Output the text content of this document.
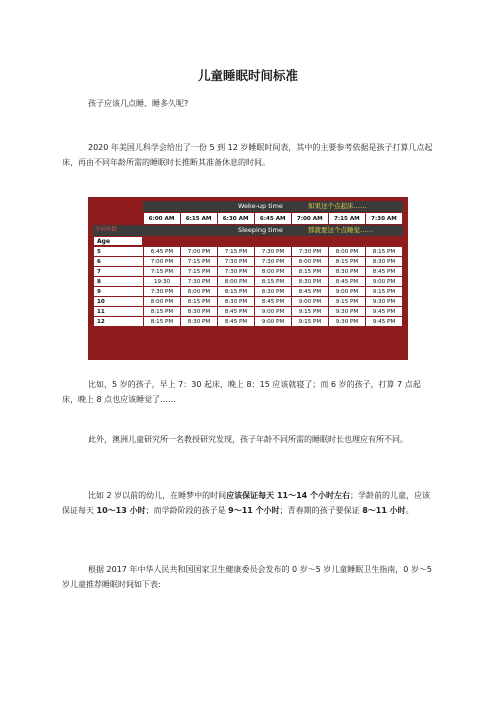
儿童睡眠时间标准
孩子应该几点睡、睡多久呢?
2020 年美国儿科学会给出了一份 5 到 12 岁睡眠时间表，其中的主要参考依据是孩子打算几点起床，再由不同年龄所需的睡眠时长推断其准备休息的时间。
Weke-up time	如果这个点起床……
	6:00 AM	6:15 AM	6:30 AM	6:45 AM	7:00 AM	7:15 AM	7:30 AM
不同年龄	Sleeping time	那就要这个点睡觉……
Age
5	6:45 PM	7:00 PM	7:15 PM	7:30 PM	7:30 PM	8:00 PM	8:15 PM
6	7:00 PM	7:15 PM	7:30 PM	7:30 PM	8:00 PM	8:15 PM	8:30 PM
7	7:15 PM	7:15 PM	7:30 PM	8:00 PM	8:15 PM	8:30 PM	8:45 PM
8	19:30	7:30 PM	8:00 PM	8:15 PM	8:30 PM	8:45 PM	9:00 PM
9	7:30 PM	8:00 PM	8:15 PM	8:30 PM	8:45 PM	9:00 PM	9:15 PM
10	8:00 PM	8:15 PM	8:30 PM	8:45 PM	9:00 PM	9:15 PM	9:30 PM
11	8:15 PM	8:30 PM	8:45 PM	9:00 PM	9:15 PM	9:30 PM	9:45 PM
12	8:15 PM	8:30 PM	8:45 PM	9:00 PM	9:15 PM	9:30 PM	9:45 PM
比如，5 岁的孩子，早上 7：30 起床，晚上 8：15 应该就寝了；而 6 岁的孩子，打算 7 点起床，晚上 8 点也应该睡觉了……
此外，澳洲儿童研究所一名教授研究发现，孩子年龄不同所需的睡眠时长也理应有所不同。
比如 2 岁以前的幼儿，在睡梦中的时间应该保证每天 11～14 个小时左右；学龄前的儿童，应该保证每天 10～13 小时；而学龄阶段的孩子是 9～11 个小时；青春期的孩子要保证 8～11 小时。
根据 2017 年中华人民共和国国家卫生健康委员会发布的 0 岁～5 岁儿童睡眠卫生指南，0 岁～5 岁儿童推荐睡眠时间如下表:
